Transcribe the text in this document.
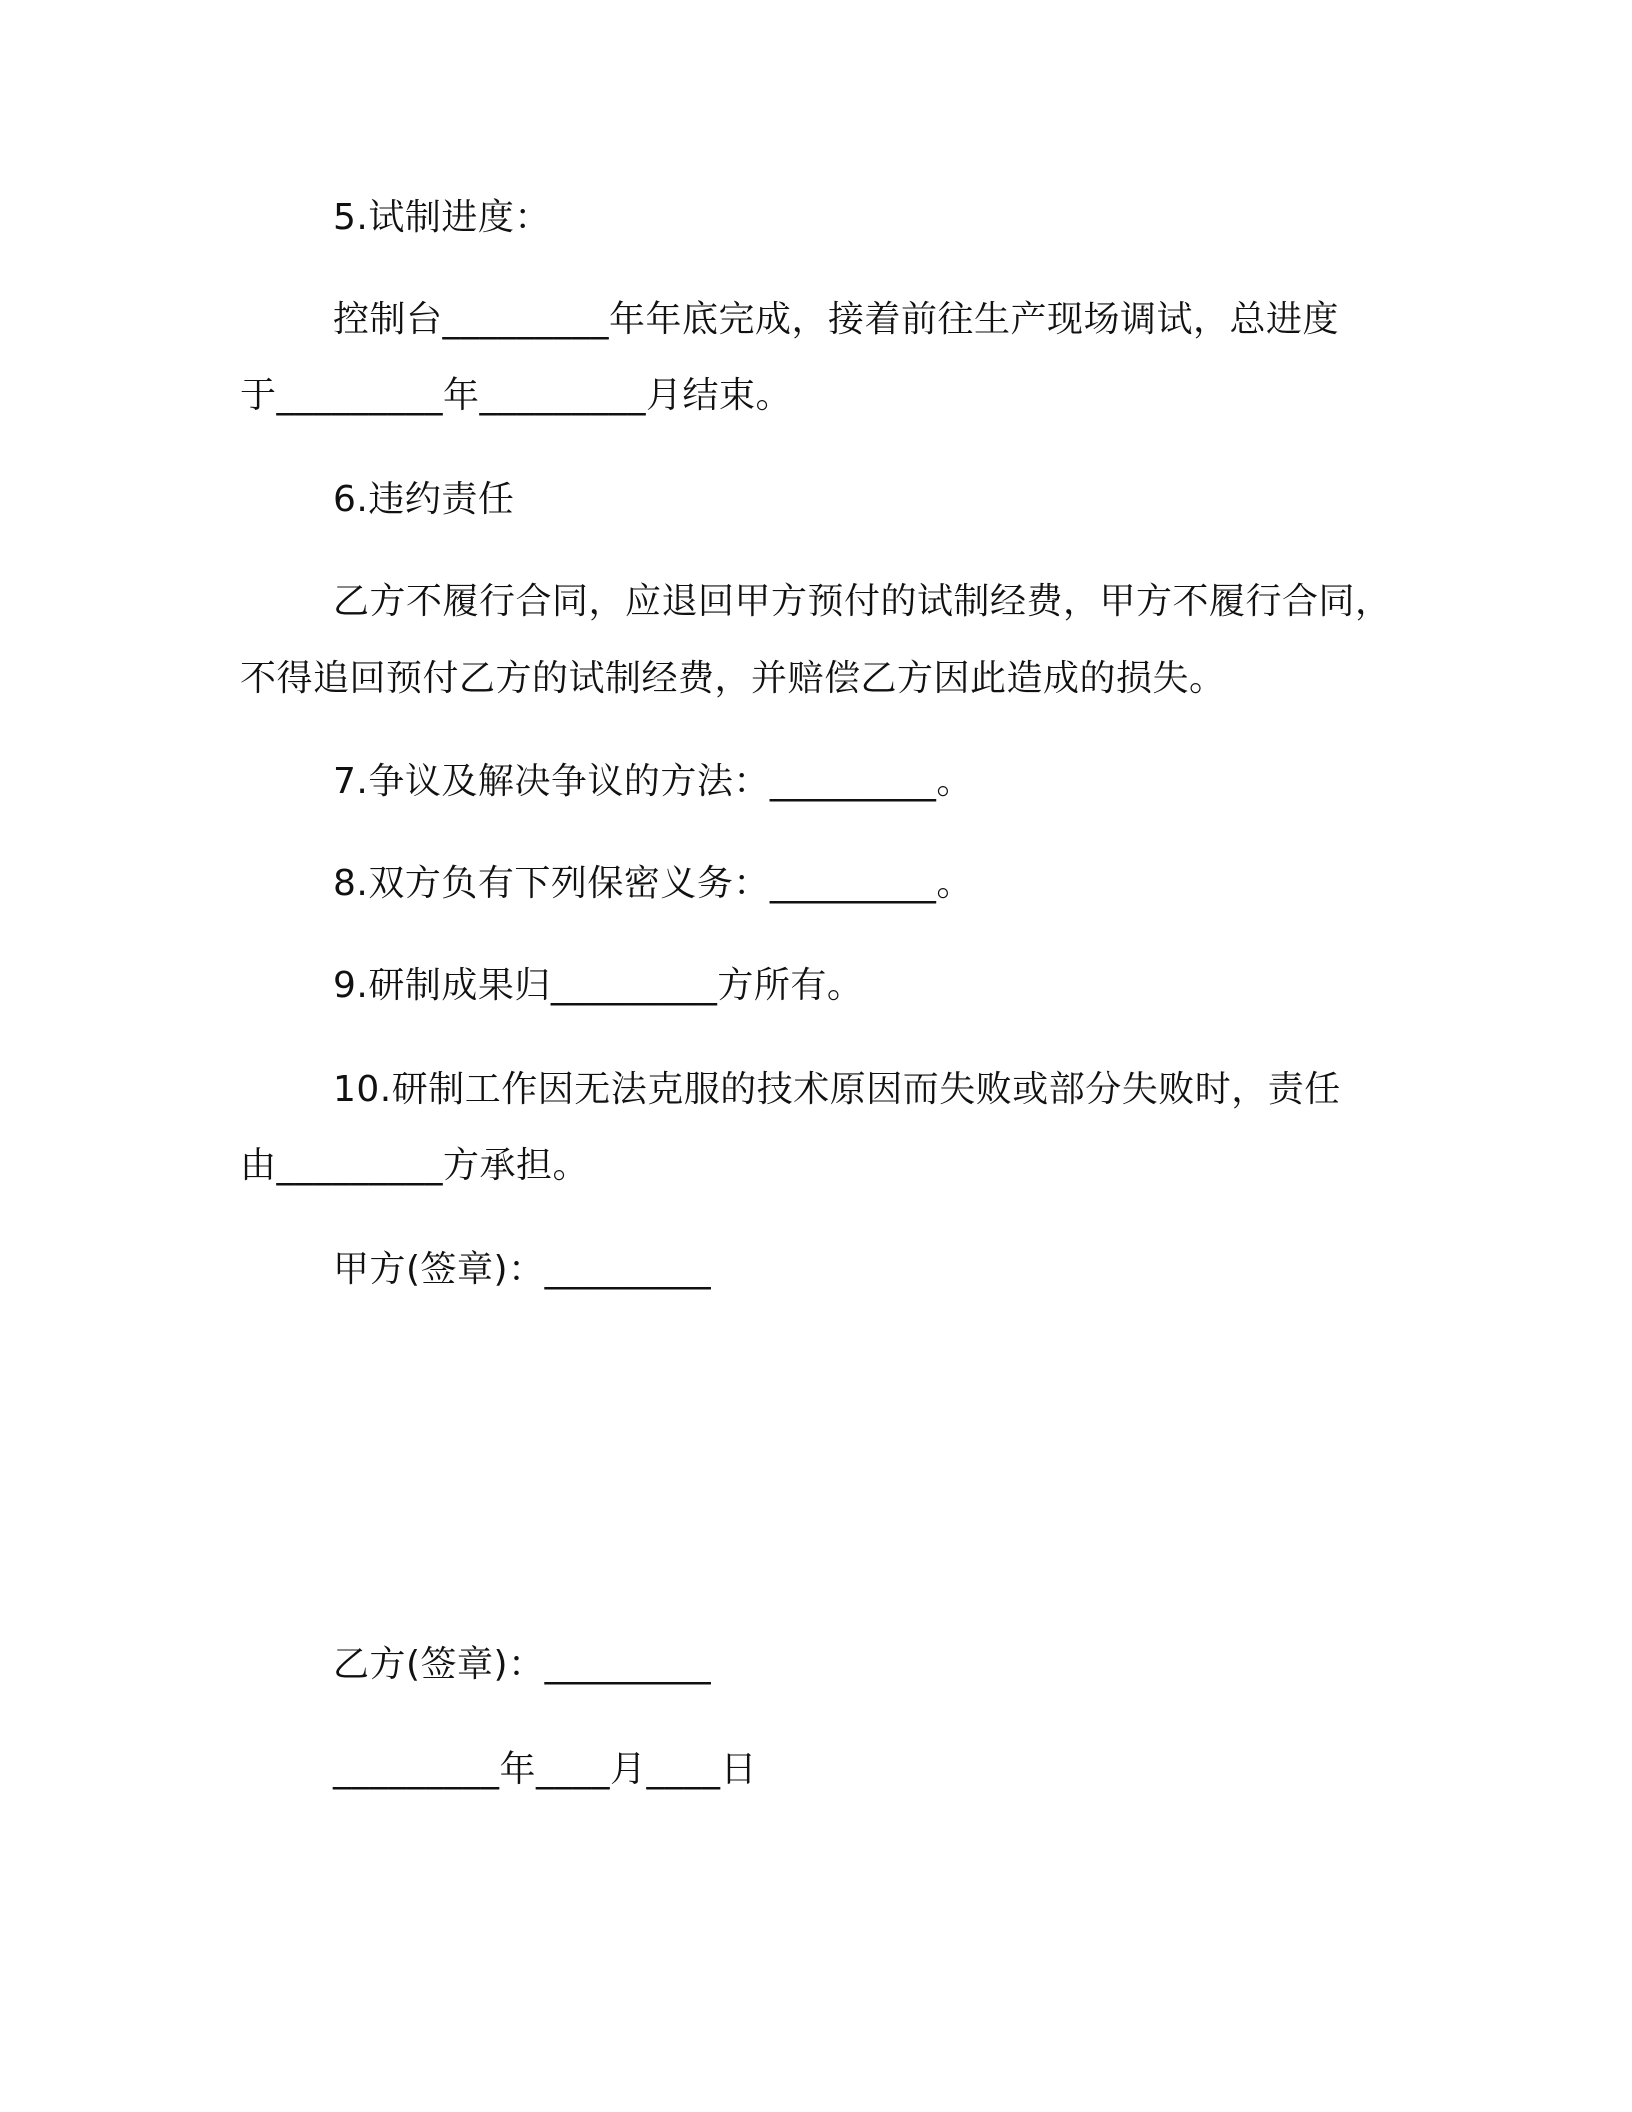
5.试制进度：
控制台_________年年底完成，接着前往生产现场调试，总进度
于_________年_________月结束。
6.违约责任
乙方不履行合同，应退回甲方预付的试制经费，甲方不履行合同，
不得追回预付乙方的试制经费，并赔偿乙方因此造成的损失。
7.争议及解决争议的方法：_________。
8.双方负有下列保密义务：_________。
9.研制成果归_________方所有。
10.研制工作因无法克服的技术原因而失败或部分失败时，责任
由_________方承担。
甲方(签章)：_________
乙方(签章)：_________
_________年____月____日
